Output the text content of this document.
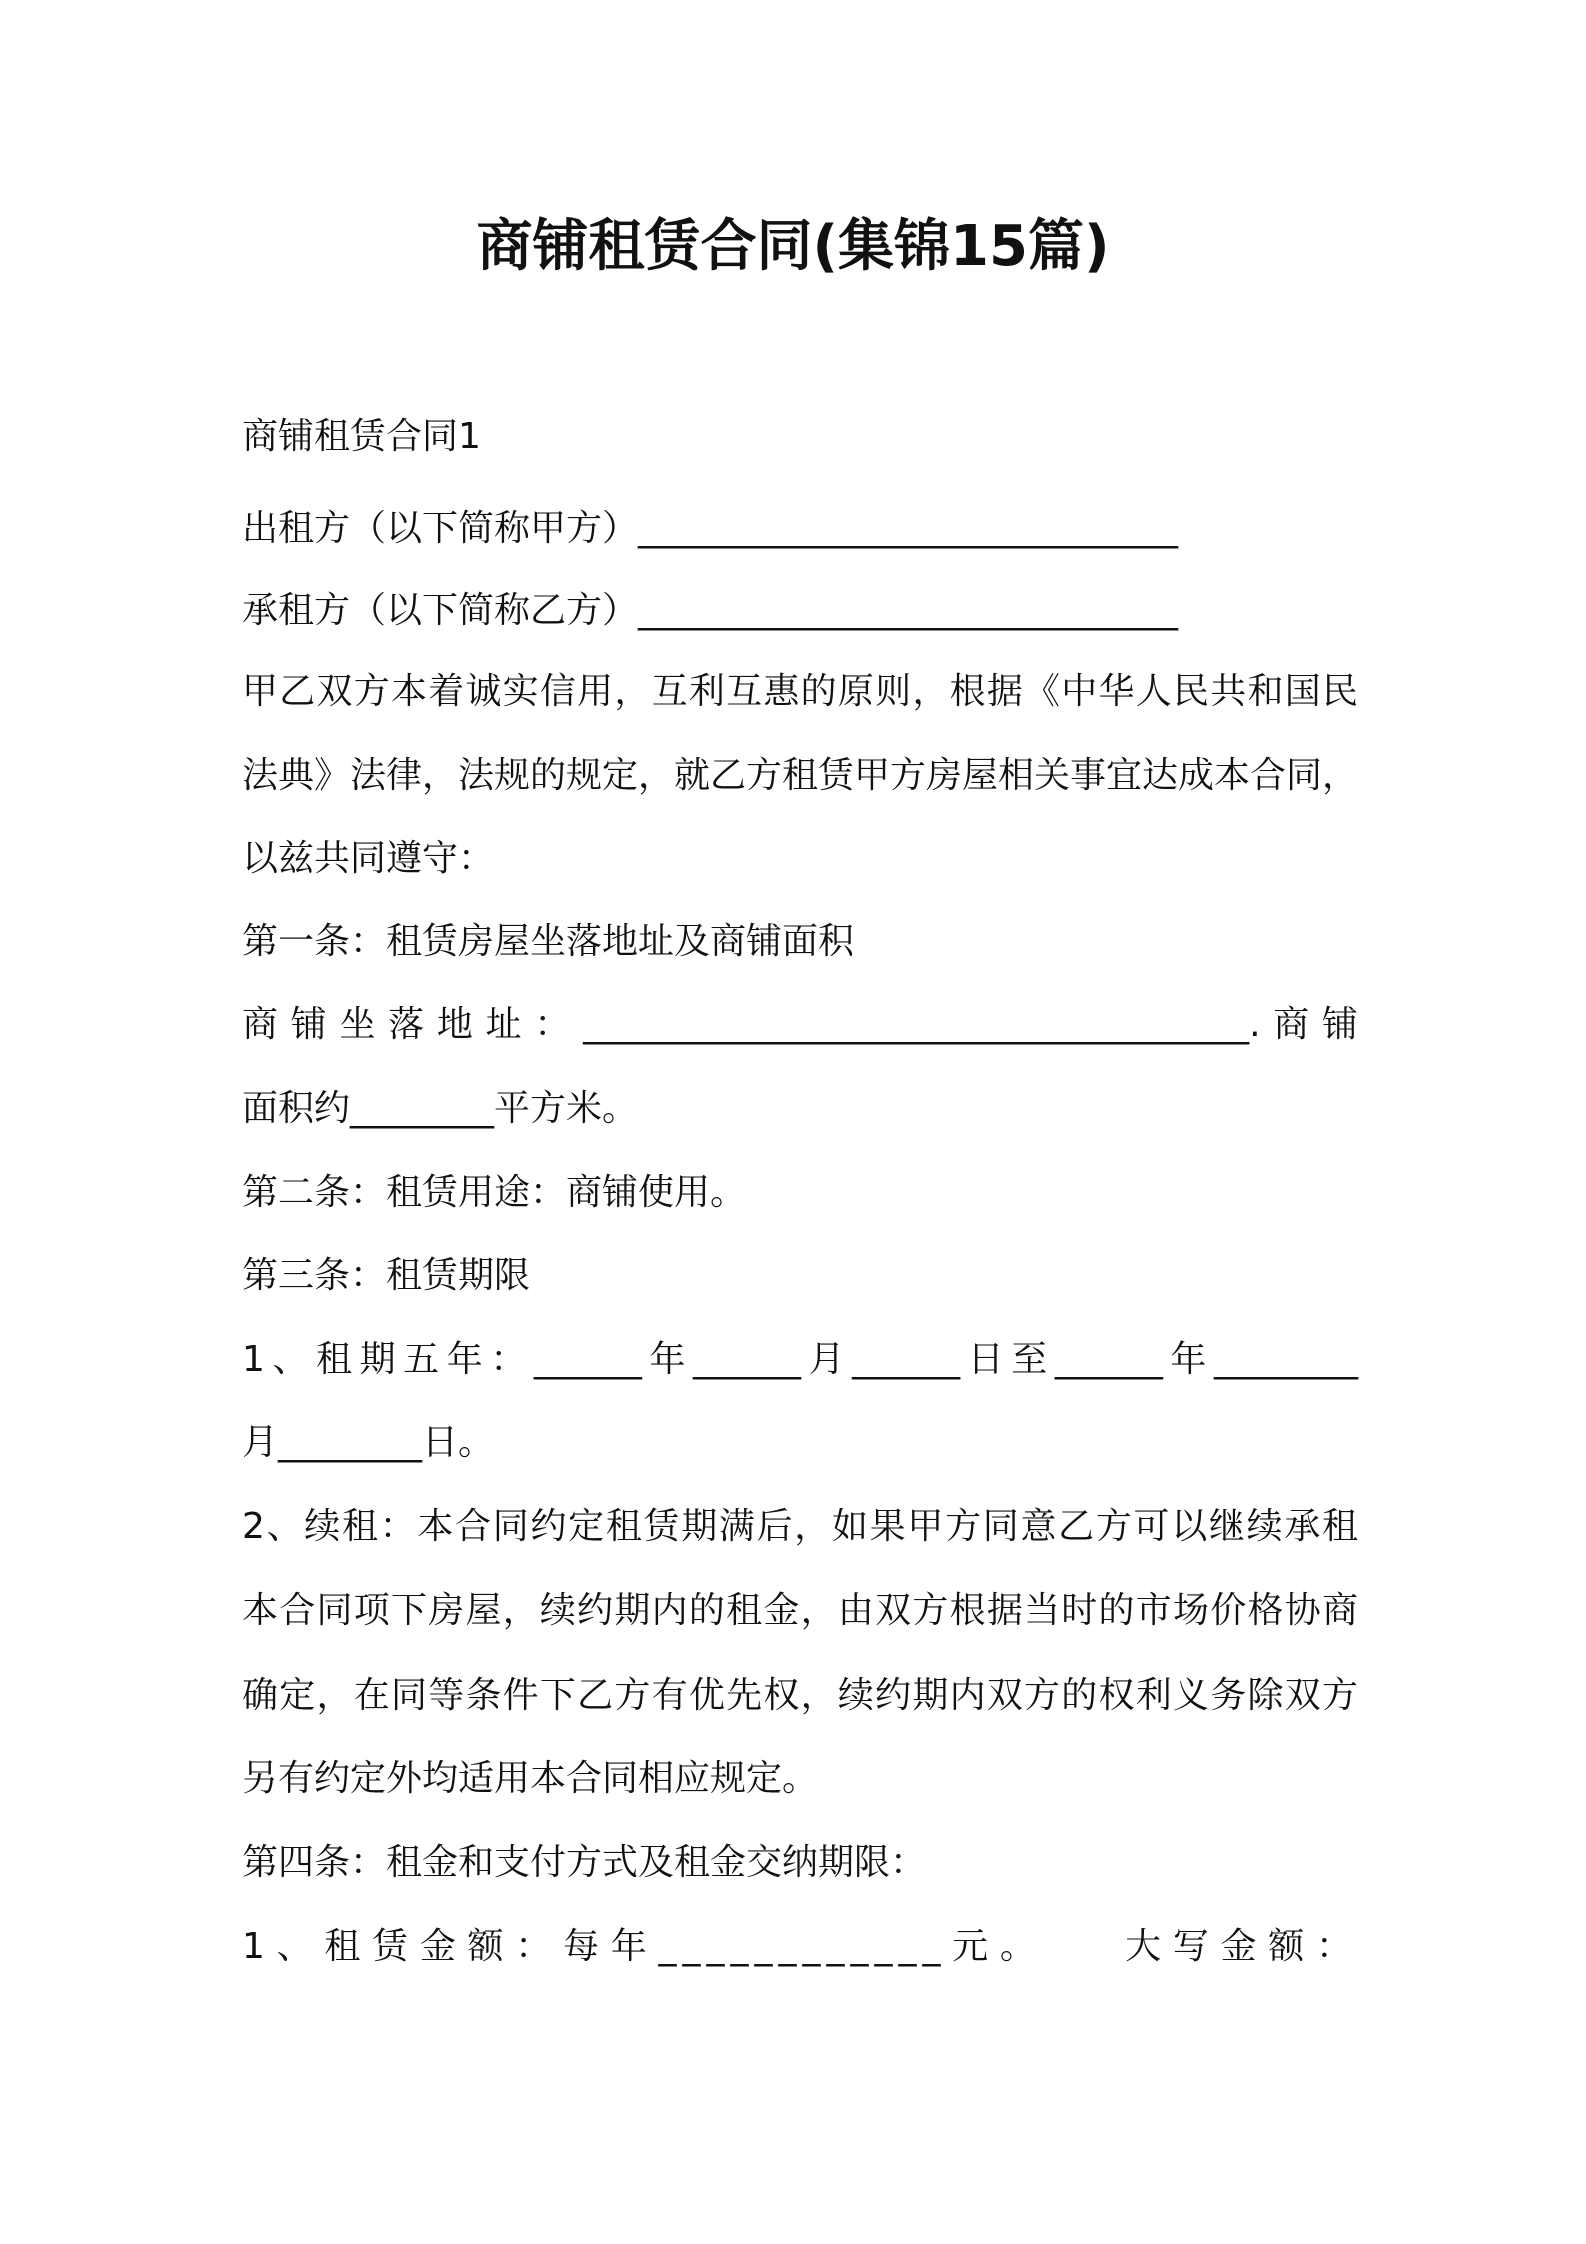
商铺租赁合同(集锦15篇)
商铺租赁合同1
出租方（以下简称甲方）______________________________
承租方（以下简称乙方）______________________________
甲乙双方本着诚实信用，互利互惠的原则，根据《中华人民共和国民
法典》法律，法规的规定，就乙方租赁甲方房屋相关事宜达成本合同，
以兹共同遵守：
第一条：租赁房屋坐落地址及商铺面积
商铺坐落地址：_____________________________________.商铺
面积约________平方米。
第二条：租赁用途：商铺使用。
第三条：租赁期限
1、租期五年：______年______月______日至______年________
月________日。
2、续租：本合同约定租赁期满后，如果甲方同意乙方可以继续承租
本合同项下房屋，续约期内的租金，由双方根据当时的市场价格协商
确定，在同等条件下乙方有优先权，续约期内双方的权利义务除双方
另有约定外均适用本合同相应规定。
第四条：租金和支付方式及租金交纳期限：
1、租赁金额：每年____________元。　　大写金额：
